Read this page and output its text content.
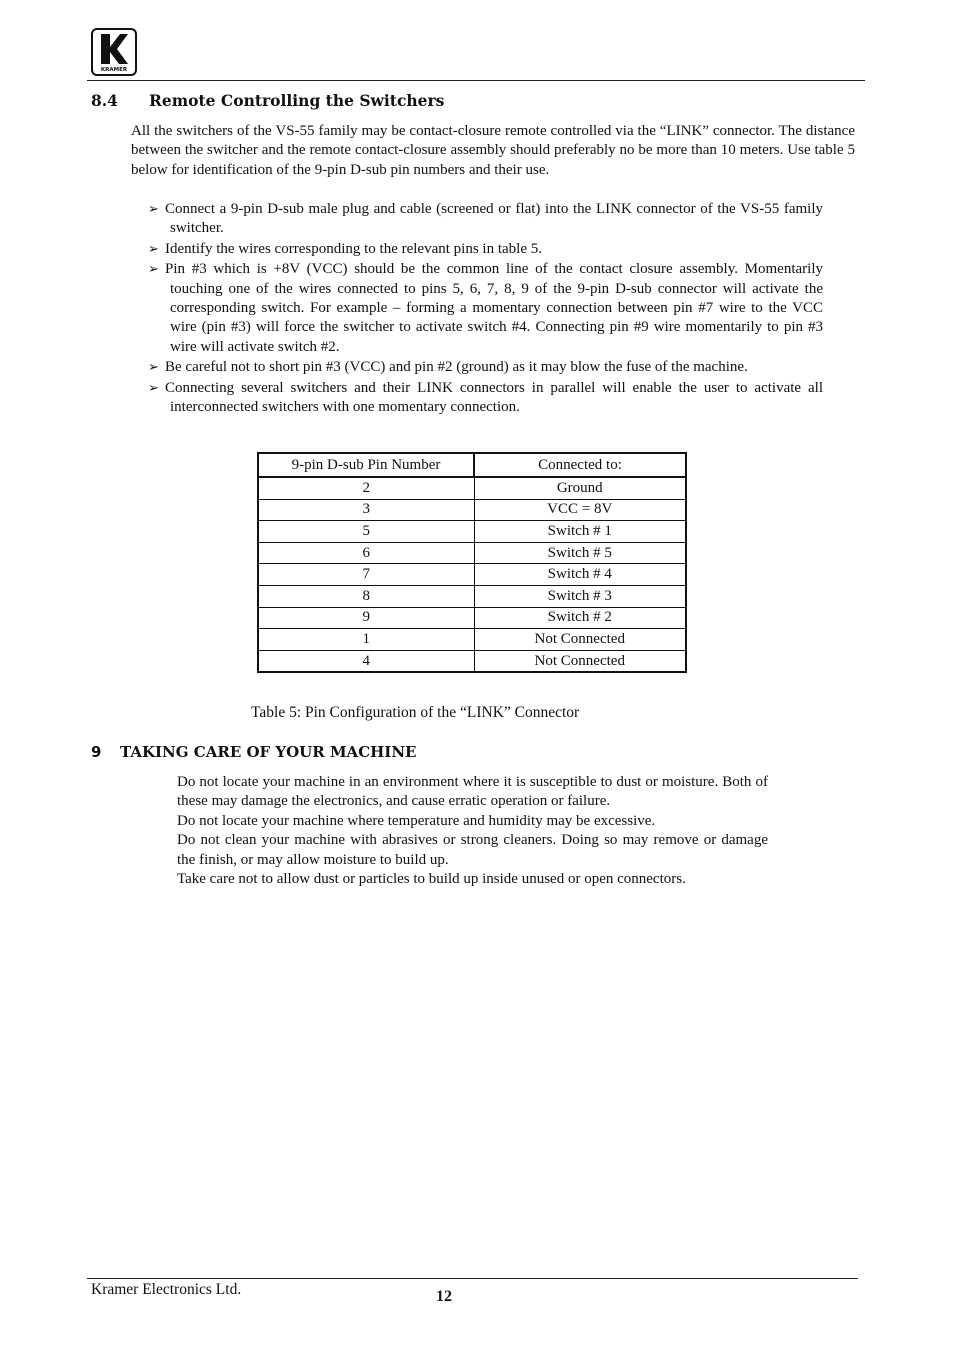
KRAMER
8.4 Remote Controlling the Switchers
All the switchers of the VS-55 family may be contact-closure remote controlled via the “LINK” connector. The distance between the switcher and the remote contact-closure assembly should preferably no be more than 10 meters. Use table 5 below for identification of the 9-pin D-sub pin numbers and their use.
➢ Connect a 9-pin D-sub male plug and cable (screened or flat) into the LINK connector of the VS-55 family switcher.
➢ Identify the wires corresponding to the relevant pins in table 5.
➢ Pin #3 which is +8V (VCC) should be the common line of the contact closure assembly. Momentarily touching one of the wires connected to pins 5, 6, 7, 8, 9 of the 9-pin D-sub connector will activate the corresponding switch. For example – forming a momentary connection between pin #7 wire to the VCC wire (pin #3) will force the switcher to activate switch #4. Connecting pin #9 wire momentarily to pin #3 wire will activate switch #2.
➢ Be careful not to short pin #3 (VCC) and pin #2 (ground) as it may blow the fuse of the machine.
➢ Connecting several switchers and their LINK connectors in parallel will enable the user to activate all interconnected switchers with one momentary connection.
9-pin D-sub Pin Number	Connected to:
2	Ground
3	VCC = 8V
5	Switch # 1
6	Switch # 5
7	Switch # 4
8	Switch # 3
9	Switch # 2
1	Not Connected
4	Not Connected
Table 5: Pin Configuration of the “LINK” Connector
9 TAKING CARE OF YOUR MACHINE

Do not locate your machine in an environment where it is susceptible to dust or moisture. Both of these may damage the electronics, and cause erratic operation or failure.

Do not locate your machine where temperature and humidity may be excessive.

Do not clean your machine with abrasives or strong cleaners. Doing so may remove or damage the finish, or may allow moisture to build up.

Take care not to allow dust or particles to build up inside unused or open connectors.

Kramer Electronics Ltd.	12
